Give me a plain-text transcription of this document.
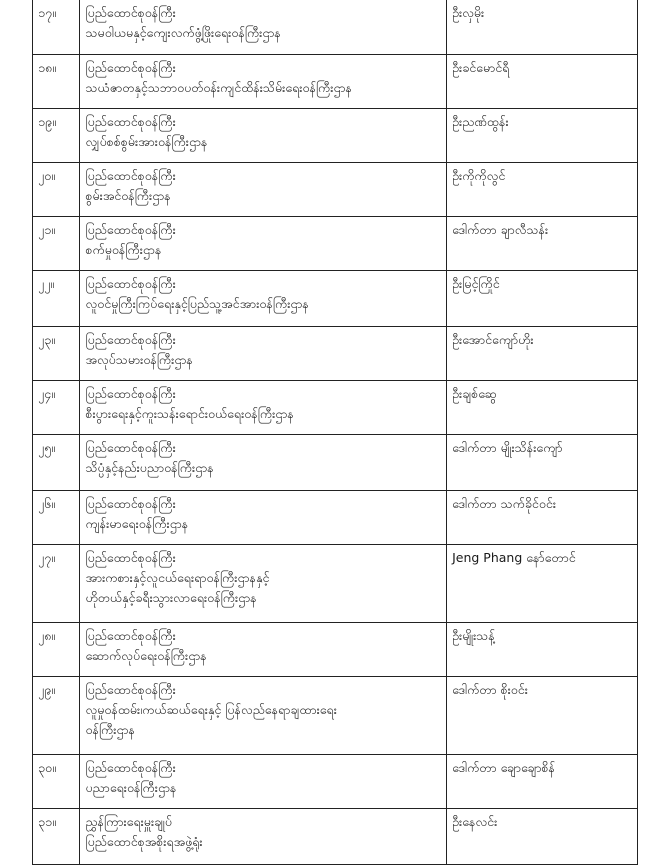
၁၇။	ပြည်ထောင်စုဝန်ကြီး
သမဝါယမနှင့်ကျေးလက်ဖွံ့ဖြိုးရေးဝန်ကြီးဌာန	ဦးလှမိုး
၁၈။	ပြည်ထောင်စုဝန်ကြီး
သယံဇာတနှင့်သဘာဝပတ်ဝန်းကျင်ထိန်းသိမ်းရေးဝန်ကြီးဌာန	ဦးခင်မောင်ရီ
၁၉။	ပြည်ထောင်စုဝန်ကြီး
လျှပ်စစ်စွမ်းအားဝန်ကြီးဌာန	ဦးညဏ်ထွန်း
၂၀။	ပြည်ထောင်စုဝန်ကြီး
စွမ်းအင်ဝန်ကြီးဌာန	ဦးကိုကိုလွင်
၂၁။	ပြည်ထောင်စုဝန်ကြီး
စက်မှုဝန်ကြီးဌာန	ဒေါက်တာ ချာလီသန်း
၂၂။	ပြည်ထောင်စုဝန်ကြီး
လူဝင်မှုကြီးကြပ်ရေးနှင့်ပြည်သူ့အင်အားဝန်ကြီးဌာန	ဦးမြင့်ကြိုင်
၂၃။	ပြည်ထောင်စုဝန်ကြီး
အလုပ်သမားဝန်ကြီးဌာန	ဦးအောင်ကျော်ဟိုး
၂၄။	ပြည်ထောင်စုဝန်ကြီး
စီးပွားရေးနှင့်ကူးသန်းရောင်းဝယ်ရေးဝန်ကြီးဌာန	ဦးချစ်ဆွေ
၂၅။	ပြည်ထောင်စုဝန်ကြီး
သိပ္ပံနှင့်နည်းပညာဝန်ကြီးဌာန	ဒေါက်တာ မျိုးသိန်းကျော်
၂၆။	ပြည်ထောင်စုဝန်ကြီး
ကျန်းမာရေးဝန်ကြီးဌာန	ဒေါက်တာ သက်ခိုင်ဝင်း
၂၇။	ပြည်ထောင်စုဝန်ကြီး
အားကစားနှင့်လူငယ်ရေးရာဝန်ကြီးဌာနနှင့်
ဟိုတယ်နှင့်ခရီးသွားလာရေးဝန်ကြီးဌာန	Jeng Phang နော်တောင်
၂၈။	ပြည်ထောင်စုဝန်ကြီး
ဆောက်လုပ်ရေးဝန်ကြီးဌာန	ဦးမျိုးသန့်
၂၉။	ပြည်ထောင်စုဝန်ကြီး
လူမှုဝန်ထမ်း၊ကယ်ဆယ်ရေးနှင့် ပြန်လည်နေရာချထားရေး
ဝန်ကြီးဌာန	ဒေါက်တာ စိုးဝင်း
၃၀။	ပြည်ထောင်စုဝန်ကြီး
ပညာရေးဝန်ကြီးဌာန	ဒေါက်တာ ချောချောစိန်
၃၁။	ညွှန်ကြားရေးမှူးချုပ်
ပြည်ထောင်စုအစိုးရအဖွဲ့ရုံး	ဦးနေလင်း
